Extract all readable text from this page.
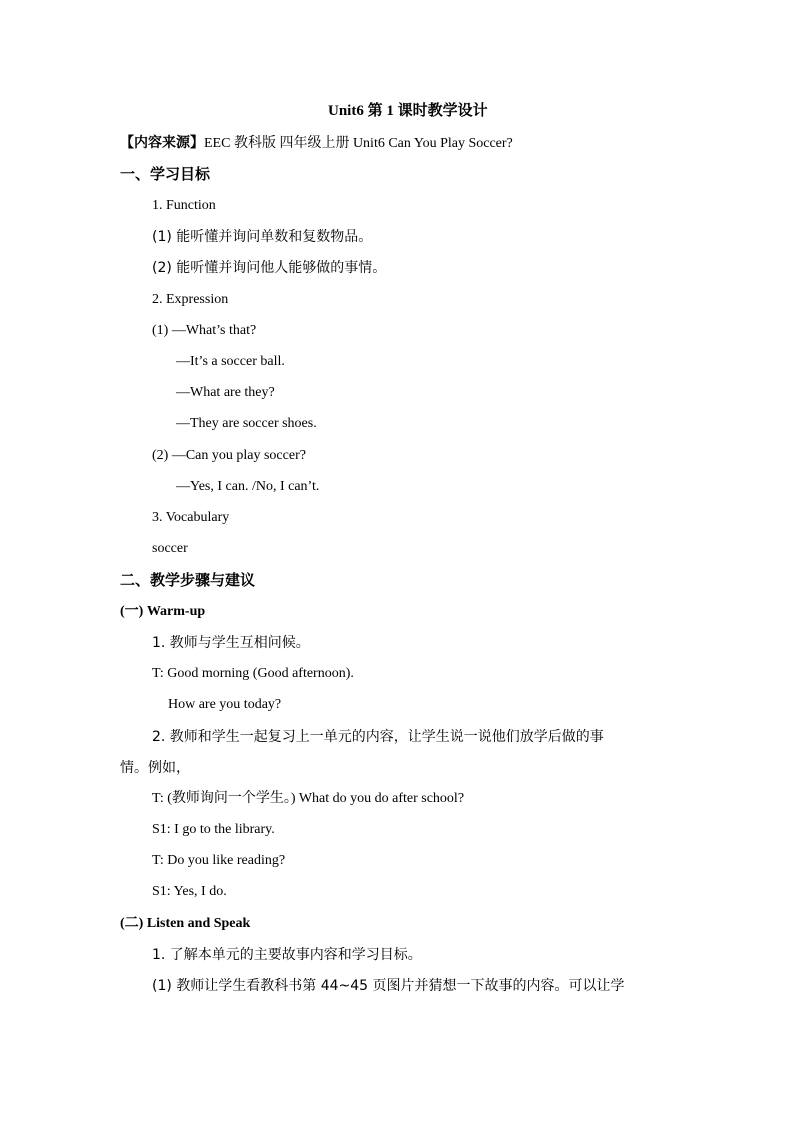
Unit6 第 1 课时教学设计
【内容来源】EEC 教科版 四年级上册 Unit6 Can You Play Soccer?
一、学习目标
1. Function
(1) 能听懂并询问单数和复数物品。
(2) 能听懂并询问他人能够做的事情。
2. Expression
(1) —What’s that?
—It’s a soccer ball.
—What are they?
—They are soccer shoes.
(2) —Can you play soccer?
—Yes, I can. /No, I can’t.
3. Vocabulary
soccer
二、教学步骤与建议
(一) Warm-up
1. 教师与学生互相问候。
T: Good morning (Good afternoon).
How are you today?
2. 教师和学生一起复习上一单元的内容，让学生说一说他们放学后做的事
情。例如，
T: (教师询问一个学生。) What do you do after school?
S1: I go to the library.
T: Do you like reading?
S1: Yes, I do.
(二) Listen and Speak
1. 了解本单元的主要故事内容和学习目标。
(1) 教师让学生看教科书第 44~45 页图片并猜想一下故事的内容。可以让学
